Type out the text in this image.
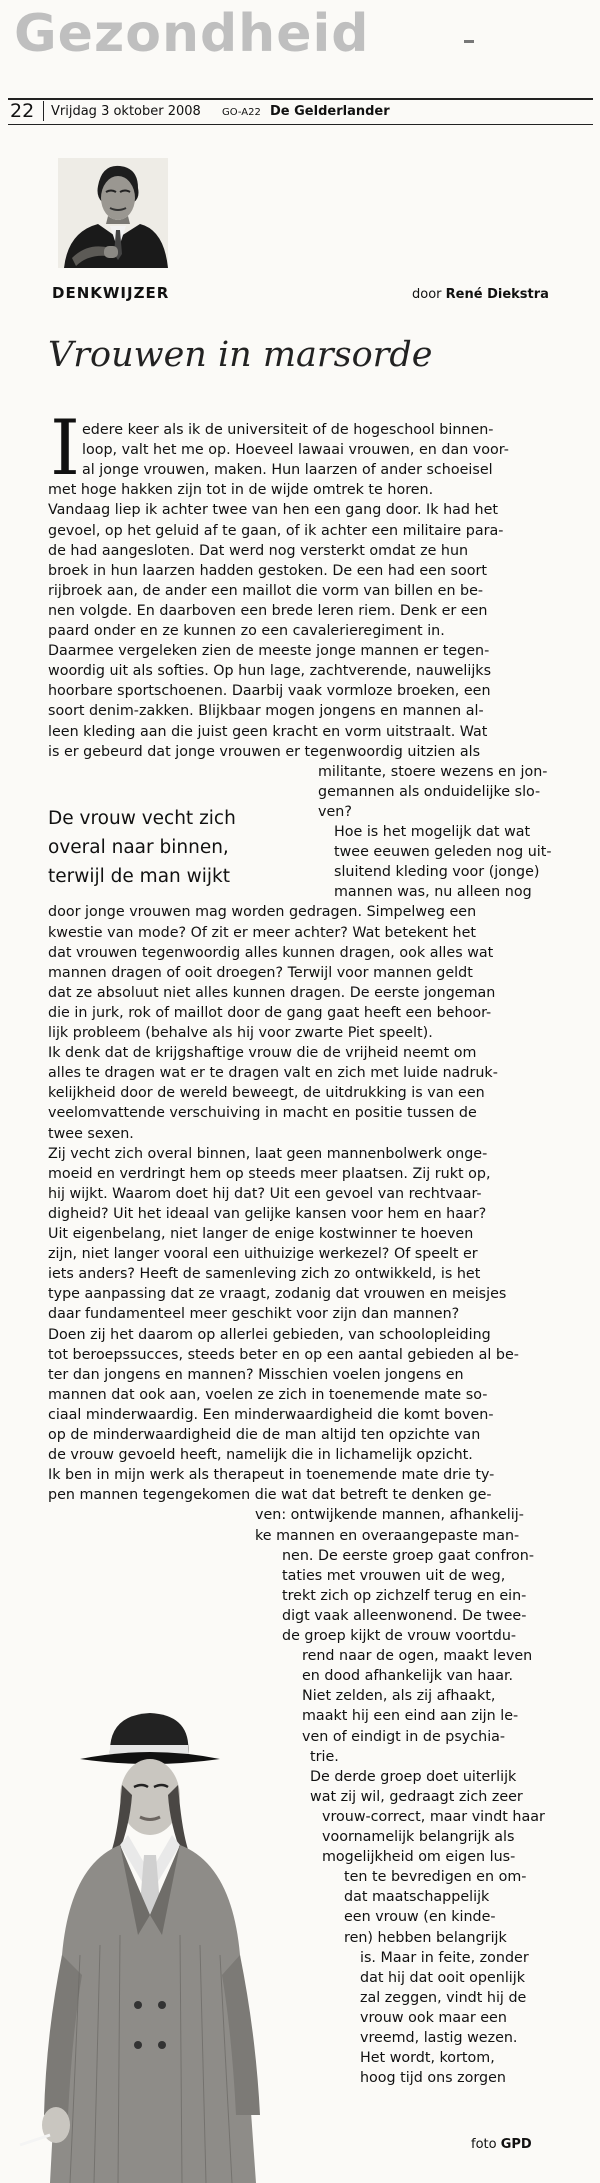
Gezondheid
22 Vrijdag 3 oktober 2008 GO-A22 De Gelderlander
DENKWIJZER	door René Diekstra
Vrouwen in marsorde
I
De vrouw vecht zich
overal naar binnen,
terwijl de man wijkt
edere keer als ik de universiteit of de hogeschool binnen-
loop, valt het me op. Hoeveel lawaai vrouwen, en dan voor-
al jonge vrouwen, maken. Hun laarzen of ander schoeisel
met hoge hakken zijn tot in de wijde omtrek te horen.
Vandaag liep ik achter twee van hen een gang door. Ik had het
gevoel, op het geluid af te gaan, of ik achter een militaire para-
de had aangesloten. Dat werd nog versterkt omdat ze hun
broek in hun laarzen hadden gestoken. De een had een soort
rijbroek aan, de ander een maillot die vorm van billen en be-
nen volgde. En daarboven een brede leren riem. Denk er een
paard onder en ze kunnen zo een cavalerieregiment in.
Daarmee vergeleken zien de meeste jonge mannen er tegen-
woordig uit als softies. Op hun lage, zachtverende, nauwelijks
hoorbare sportschoenen. Daarbij vaak vormloze broeken, een
soort denim-zakken. Blijkbaar mogen jongens en mannen al-
leen kleding aan die juist geen kracht en vorm uitstraalt. Wat
is er gebeurd dat jonge vrouwen er tegenwoordig uitzien als
militante, stoere wezens en jon-
gemannen als onduidelijke slo-
ven?
Hoe is het mogelijk dat wat
twee eeuwen geleden nog uit-
sluitend kleding voor (jonge)
mannen was, nu alleen nog
door jonge vrouwen mag worden gedragen. Simpelweg een
kwestie van mode? Of zit er meer achter? Wat betekent het
dat vrouwen tegenwoordig alles kunnen dragen, ook alles wat
mannen dragen of ooit droegen? Terwijl voor mannen geldt
dat ze absoluut niet alles kunnen dragen. De eerste jongeman
die in jurk, rok of maillot door de gang gaat heeft een behoor-
lijk probleem (behalve als hij voor zwarte Piet speelt).
Ik denk dat de krijgshaftige vrouw die de vrijheid neemt om
alles te dragen wat er te dragen valt en zich met luide nadruk-
kelijkheid door de wereld beweegt, de uitdrukking is van een
veelomvattende verschuiving in macht en positie tussen de
twee sexen.
Zij vecht zich overal binnen, laat geen mannenbolwerk onge-
moeid en verdringt hem op steeds meer plaatsen. Zij rukt op,
hij wijkt. Waarom doet hij dat? Uit een gevoel van rechtvaar-
digheid? Uit het ideaal van gelijke kansen voor hem en haar?
Uit eigenbelang, niet langer de enige kostwinner te hoeven
zijn, niet langer vooral een uithuizige werkezel? Of speelt er
iets anders? Heeft de samenleving zich zo ontwikkeld, is het
type aanpassing dat ze vraagt, zodanig dat vrouwen en meisjes
daar fundamenteel meer geschikt voor zijn dan mannen?
Doen zij het daarom op allerlei gebieden, van schoolopleiding
tot beroepssucces, steeds beter en op een aantal gebieden al be-
ter dan jongens en mannen? Misschien voelen jongens en
mannen dat ook aan, voelen ze zich in toenemende mate so-
ciaal minderwaardig. Een minderwaardigheid die komt boven-
op de minderwaardigheid die de man altijd ten opzichte van
de vrouw gevoeld heeft, namelijk die in lichamelijk opzicht.
Ik ben in mijn werk als therapeut in toenemende mate drie ty-
pen mannen tegengekomen die wat dat betreft te denken ge-
ven: ontwijkende mannen, afhankelij-
ke mannen en overaangepaste man-
nen. De eerste groep gaat confron-
taties met vrouwen uit de weg,
trekt zich op zichzelf terug en ein-
digt vaak alleenwonend. De twee-
de groep kijkt de vrouw voortdu-
rend naar de ogen, maakt leven
en dood afhankelijk van haar.
Niet zelden, als zij afhaakt,
maakt hij een eind aan zijn le-
ven of eindigt in de psychia-
trie.
De derde groep doet uiterlijk
wat zij wil, gedraagt zich zeer
vrouw-correct, maar vindt haar
voornamelijk belangrijk als
mogelijkheid om eigen lus-
ten te bevredigen en om-
dat maatschappelijk
een vrouw (en kinde-
ren) hebben belangrijk
is. Maar in feite, zonder
dat hij dat ooit openlijk
zal zeggen, vindt hij de
vrouw ook maar een
vreemd, lastig wezen.
Het wordt, kortom,
hoog tijd ons zorgen
foto GPD
